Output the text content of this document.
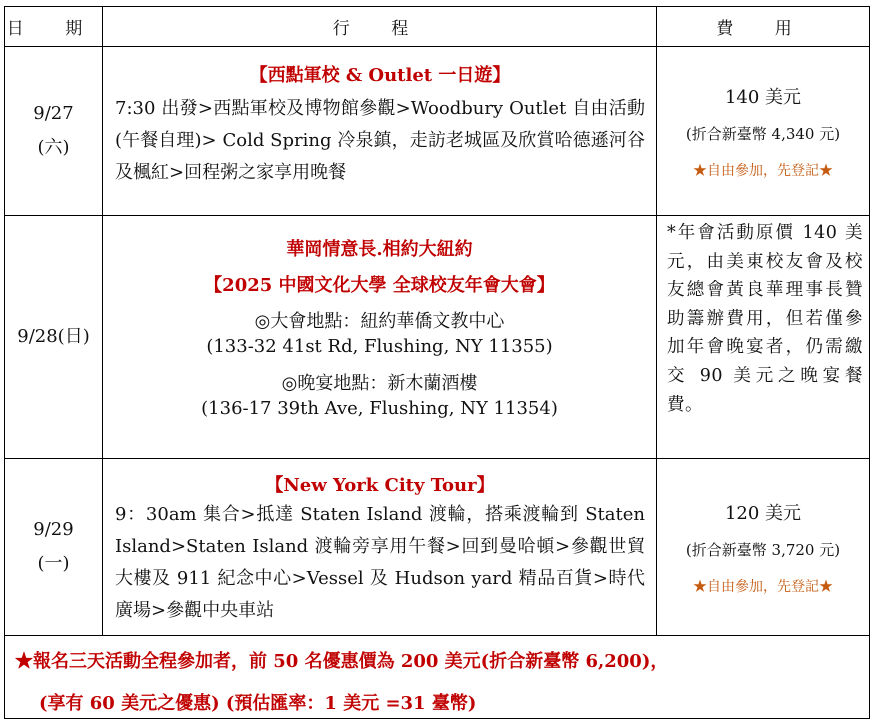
日 期	行 程	費 用
9/27
(六)
【西點軍校 & Outlet 一日遊】
7:30 出發>西點軍校及博物館參觀>Woodbury Outlet 自由活動(午餐自理)> Cold Spring 冷泉鎮，走訪老城區及欣賞哈德遜河谷及楓紅>回程粥之家享用晚餐
140 美元
(折合新臺幣 4,340 元)
★自由參加，先登記★
9/28(日)
華岡情意長.相約大紐約
【2025 中國文化大學 全球校友年會大會】
◎大會地點：紐約華僑文教中心
(133-32 41st Rd, Flushing, NY 11355)
◎晚宴地點：新木蘭酒樓
(136-17 39th Ave, Flushing, NY 11354)
*年會活動原價 140 美元，由美東校友會及校友總會黃良華理事長贊助籌辦費用，但若僅參加年會晚宴者，仍需繳交 90 美元之晚宴餐費。
9/29
(一)
【New York City Tour】
9：30am 集合>抵達 Staten Island 渡輪，搭乘渡輪到 Staten Island>Staten Island 渡輪旁享用午餐>回到曼哈頓>參觀世貿大樓及 911 紀念中心>Vessel 及 Hudson yard 精品百貨>時代廣場>參觀中央車站
120 美元
(折合新臺幣 3,720 元)
★自由參加，先登記★
★報名三天活動全程參加者，前 50 名優惠價為 200 美元(折合新臺幣 6,200)，
(享有 60 美元之優惠) (預估匯率：1 美元 =31 臺幣)
